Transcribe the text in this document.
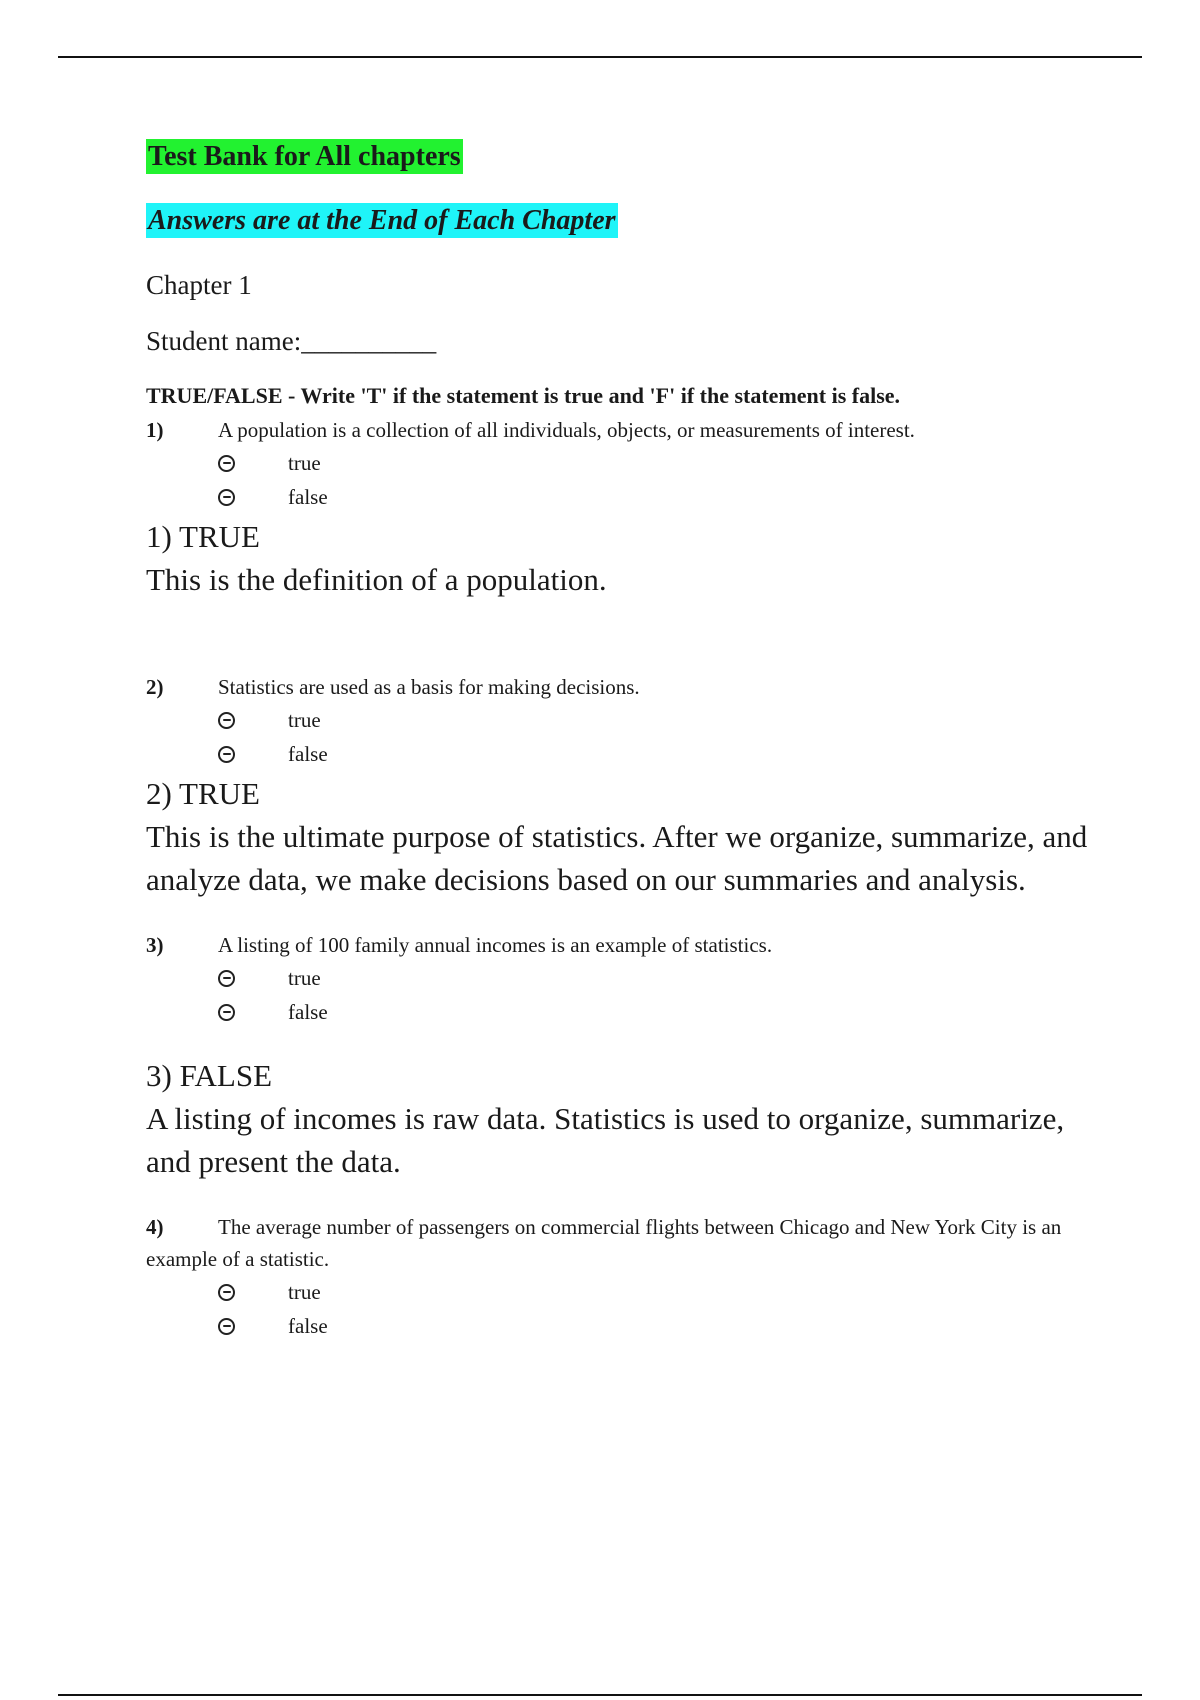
Test Bank for All chapters
Answers are at the End of Each Chapter
Chapter 1
Student name:__________
TRUE/FALSE - Write 'T' if the statement is true and 'F' if the statement is false.
1)	A population is a collection of all individuals, objects, or measurements of interest.
true
false
1) TRUE
This is the definition of a population.
2)	Statistics are used as a basis for making decisions.
true
false
2) TRUE
This is the ultimate purpose of statistics. After we organize, summarize, and analyze data, we make decisions based on our summaries and analysis.
3)	A listing of 100 family annual incomes is an example of statistics.
true
false
3) FALSE
A listing of incomes is raw data. Statistics is used to organize, summarize, and present the data.
4)	The average number of passengers on commercial flights between Chicago and New York City is an example of a statistic.
true
false
